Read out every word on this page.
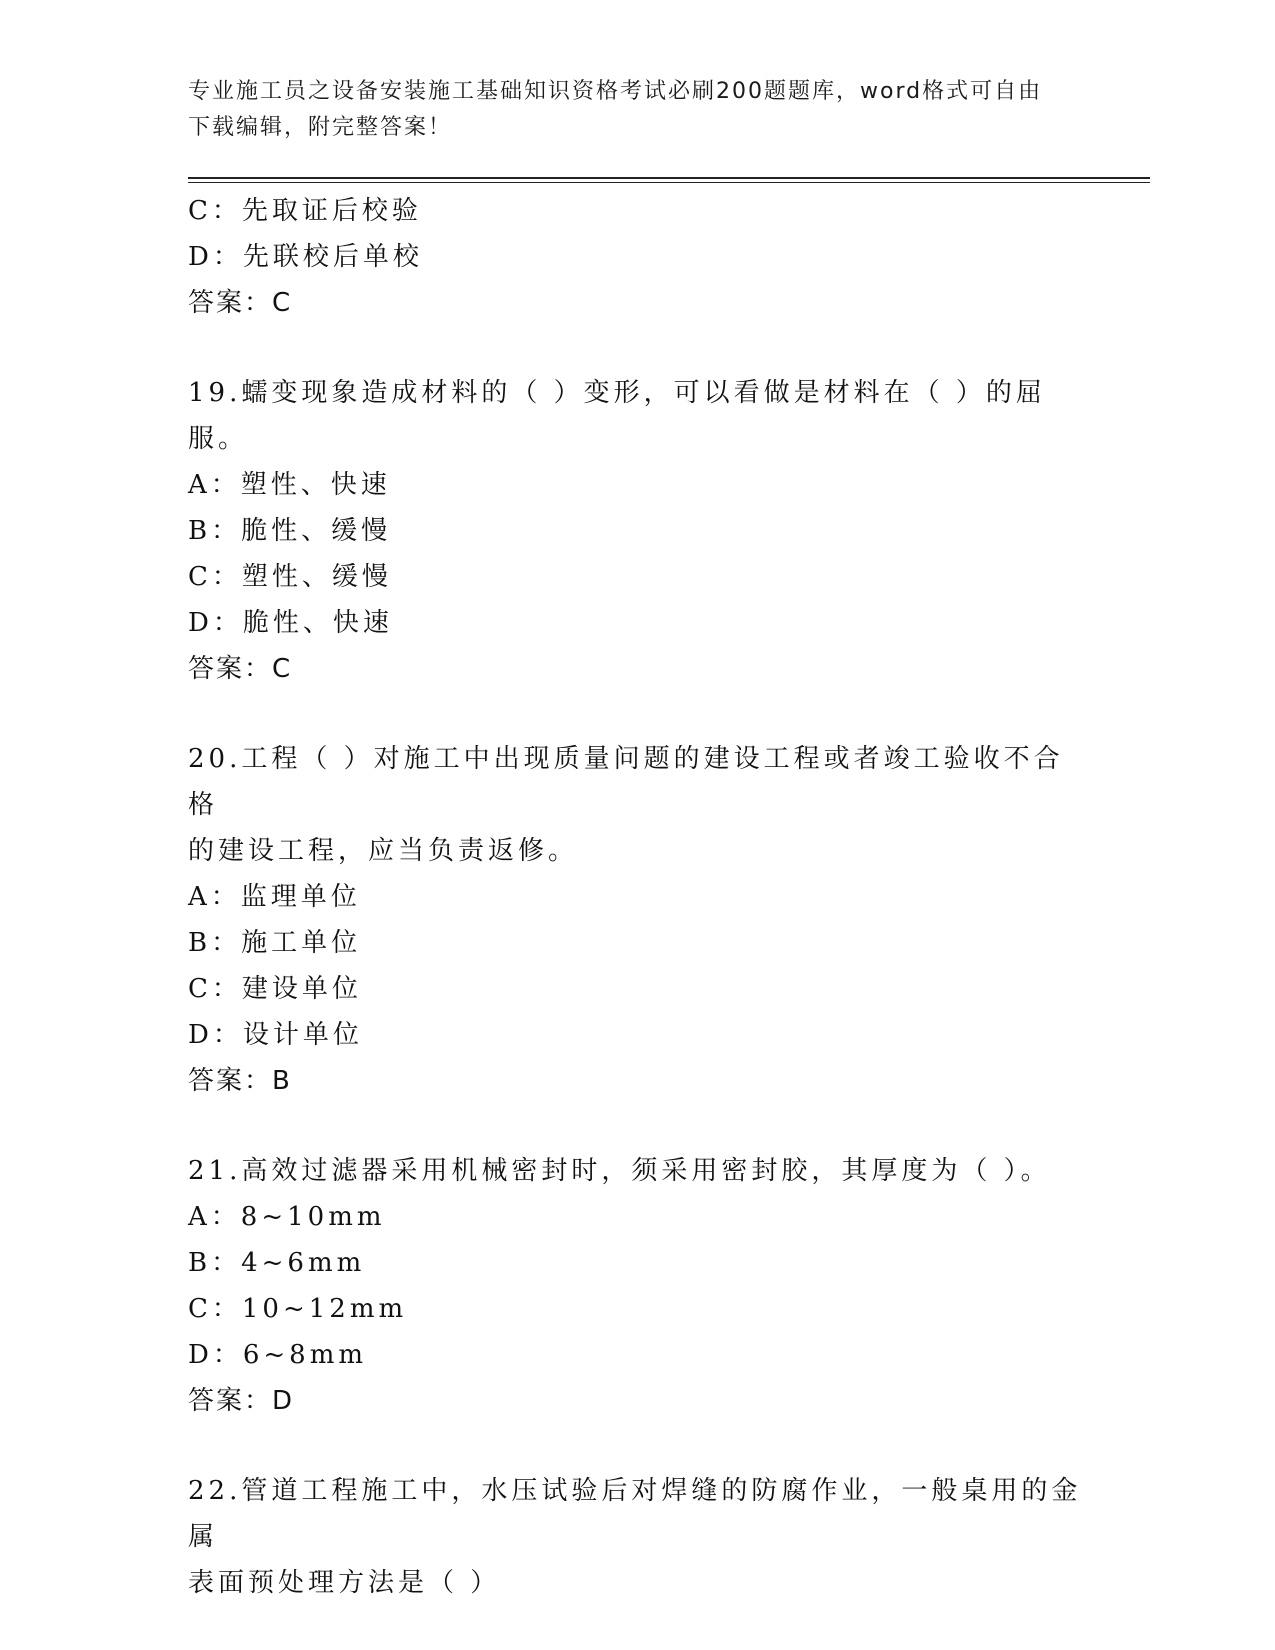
专业施工员之设备安装施工基础知识资格考试必刷200题题库，word格式可自由
下载编辑，附完整答案！
C：先取证后校验
D：先联校后单校
答案：C
19.蠕变现象造成材料的（ ）变形，可以看做是材料在（ ）的屈服。
A：塑性、快速
B：脆性、缓慢
C：塑性、缓慢
D：脆性、快速
答案：C
20.工程（ ）对施工中出现质量问题的建设工程或者竣工验收不合格
的建设工程，应当负责返修。
A：监理单位
B：施工单位
C：建设单位
D：设计单位
答案：B
21.高效过滤器采用机械密封时，须采用密封胶，其厚度为（ ）。
A：8~10mm
B：4~6mm
C：10~12mm
D：6~8mm
答案：D
22.管道工程施工中，水压试验后对焊缝的防腐作业，一般桌用的金属
表面预处理方法是（ ）
